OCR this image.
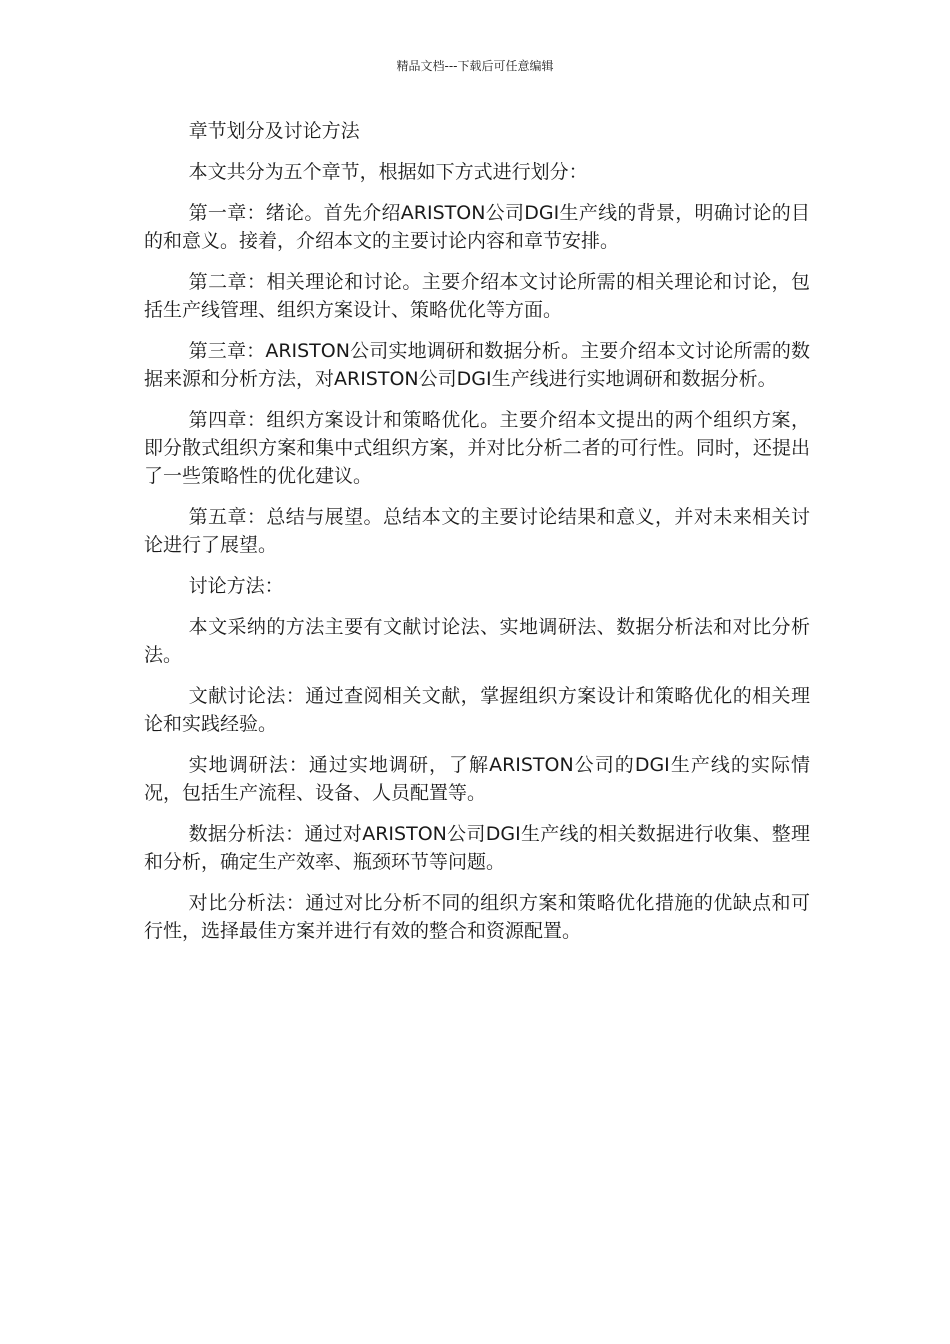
精品文档---下载后可任意编辑

章节划分及讨论方法

本文共分为五个章节，根据如下方式进行划分：

第一章：绪论。首先介绍ARISTON公司DGI生产线的背景，明确讨论的目的和意义。接着，介绍本文的主要讨论内容和章节安排。

第二章：相关理论和讨论。主要介绍本文讨论所需的相关理论和讨论，包括生产线管理、组织方案设计、策略优化等方面。

第三章：ARISTON公司实地调研和数据分析。主要介绍本文讨论所需的数据来源和分析方法，对ARISTON公司DGI生产线进行实地调研和数据分析。

第四章：组织方案设计和策略优化。主要介绍本文提出的两个组织方案，即分散式组织方案和集中式组织方案，并对比分析二者的可行性。同时，还提出了一些策略性的优化建议。

第五章：总结与展望。总结本文的主要讨论结果和意义，并对未来相关讨论进行了展望。

讨论方法：

本文采纳的方法主要有文献讨论法、实地调研法、数据分析法和对比分析法。

文献讨论法：通过查阅相关文献，掌握组织方案设计和策略优化的相关理论和实践经验。

实地调研法：通过实地调研，了解ARISTON公司的DGI生产线的实际情况，包括生产流程、设备、人员配置等。

数据分析法：通过对ARISTON公司DGI生产线的相关数据进行收集、整理和分析，确定生产效率、瓶颈环节等问题。

对比分析法：通过对比分析不同的组织方案和策略优化措施的优缺点和可行性，选择最佳方案并进行有效的整合和资源配置。
